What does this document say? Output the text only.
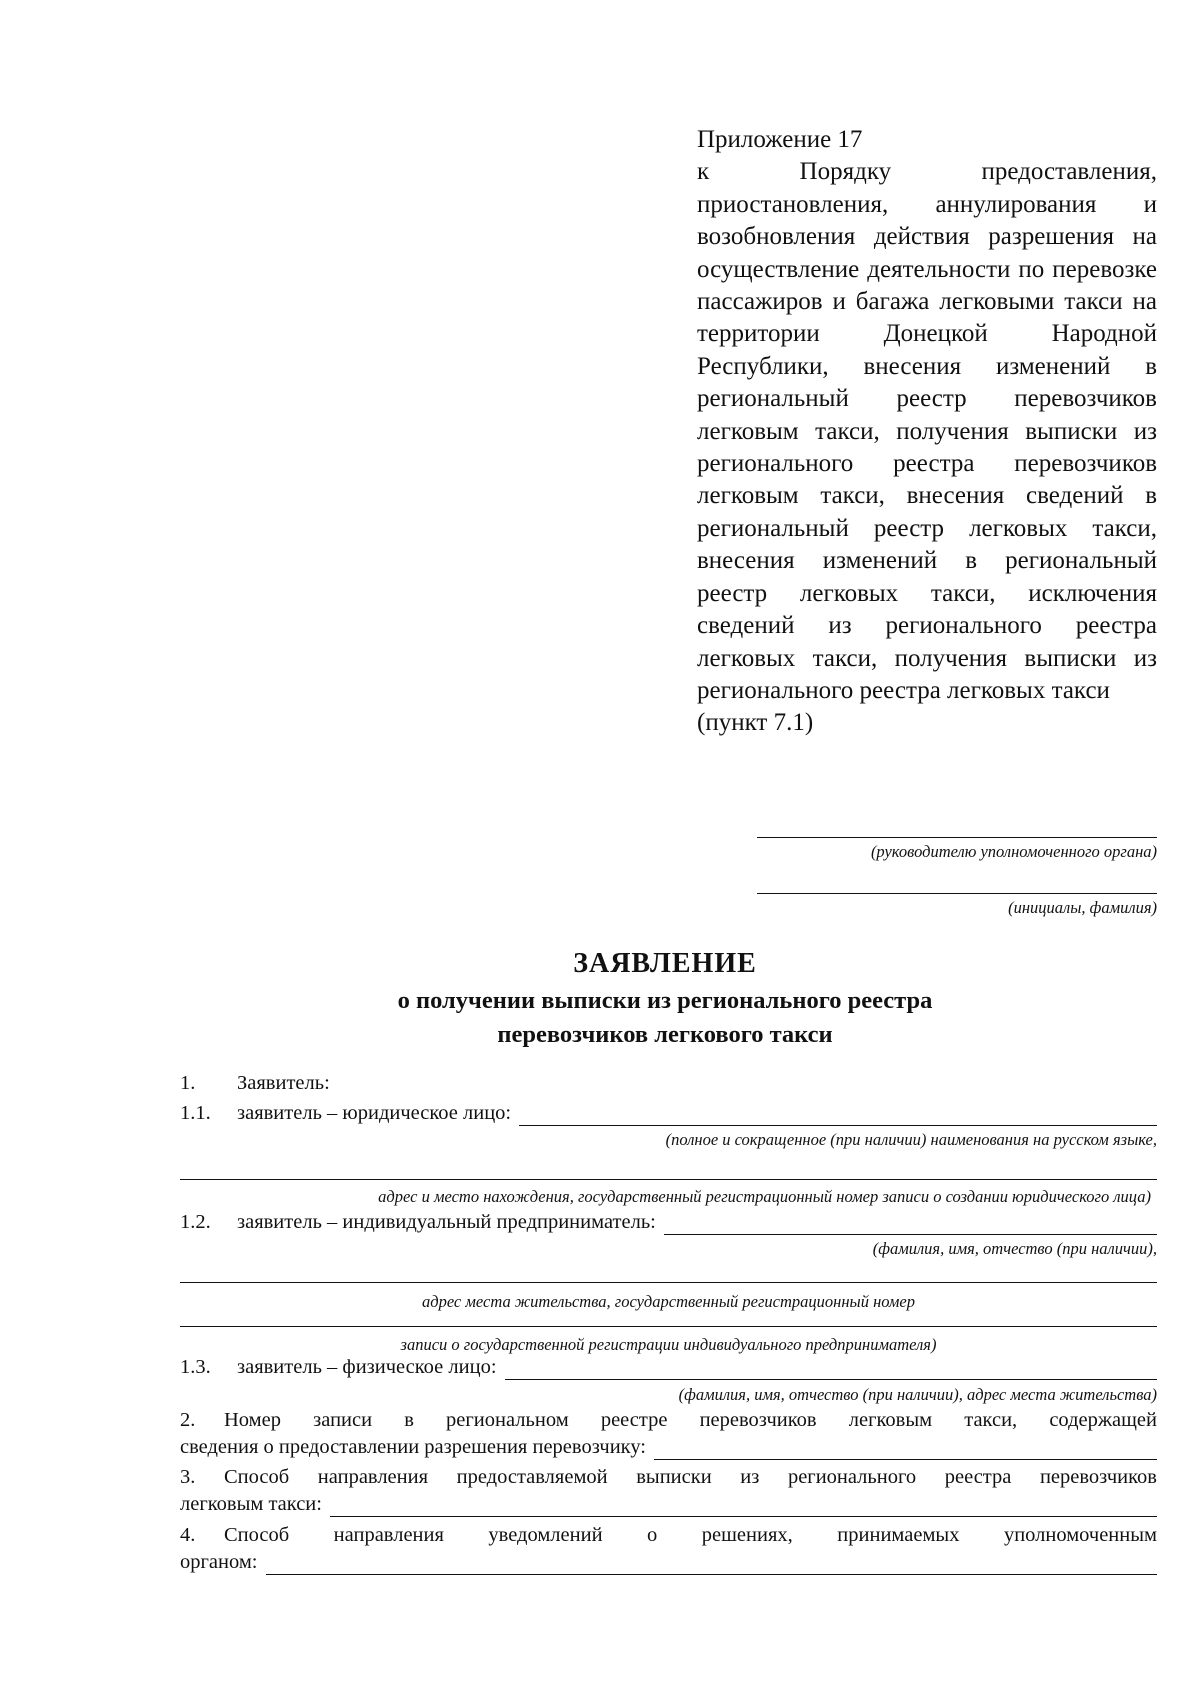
Приложение 17

к Порядку предоставления, приостановления, аннулирования и возобновления действия разрешения на осуществление деятельности по перевозке пассажиров и багажа легковыми такси на территории Донецкой Народной Республики, внесения изменений в региональный реестр перевозчиков легковым такси, получения выписки из регионального реестра перевозчиков легковым такси, внесения сведений в региональный реестр легковых такси, внесения изменений в региональный реестр легковых такси, исключения сведений из регионального реестра легковых такси, получения выписки из регионального реестра легковых такси

(пункт 7.1)

(руководителю уполномоченного органа)
(инициалы, фамилия)

ЗАЯВЛЕНИЕ

о получении выписки из регионального реестра

перевозчиков легкового такси

1.	Заявитель:
1.1.	заявитель – юридическое лицо:
(полное и сокращенное (при наличии) наименования на русском языке,
адрес и место нахождения, государственный регистрационный номер записи о создании юридического лица)
1.2.	заявитель – индивидуальный предприниматель:
(фамилия, имя, отчество (при наличии),
адрес места жительства, государственный регистрационный номер
записи о государственной регистрации индивидуального предпринимателя)
1.3.	заявитель – физическое лицо:
(фамилия, имя, отчество (при наличии), адрес места жительства)
2. Номер записи в региональном реестре перевозчиков легковым такси, содержащей
сведения о предоставлении разрешения перевозчику:
3. Способ направления предоставляемой выписки из регионального реестра перевозчиков
легковым такси:
4. Способ направления уведомлений о решениях, принимаемых уполномоченным
органом:
